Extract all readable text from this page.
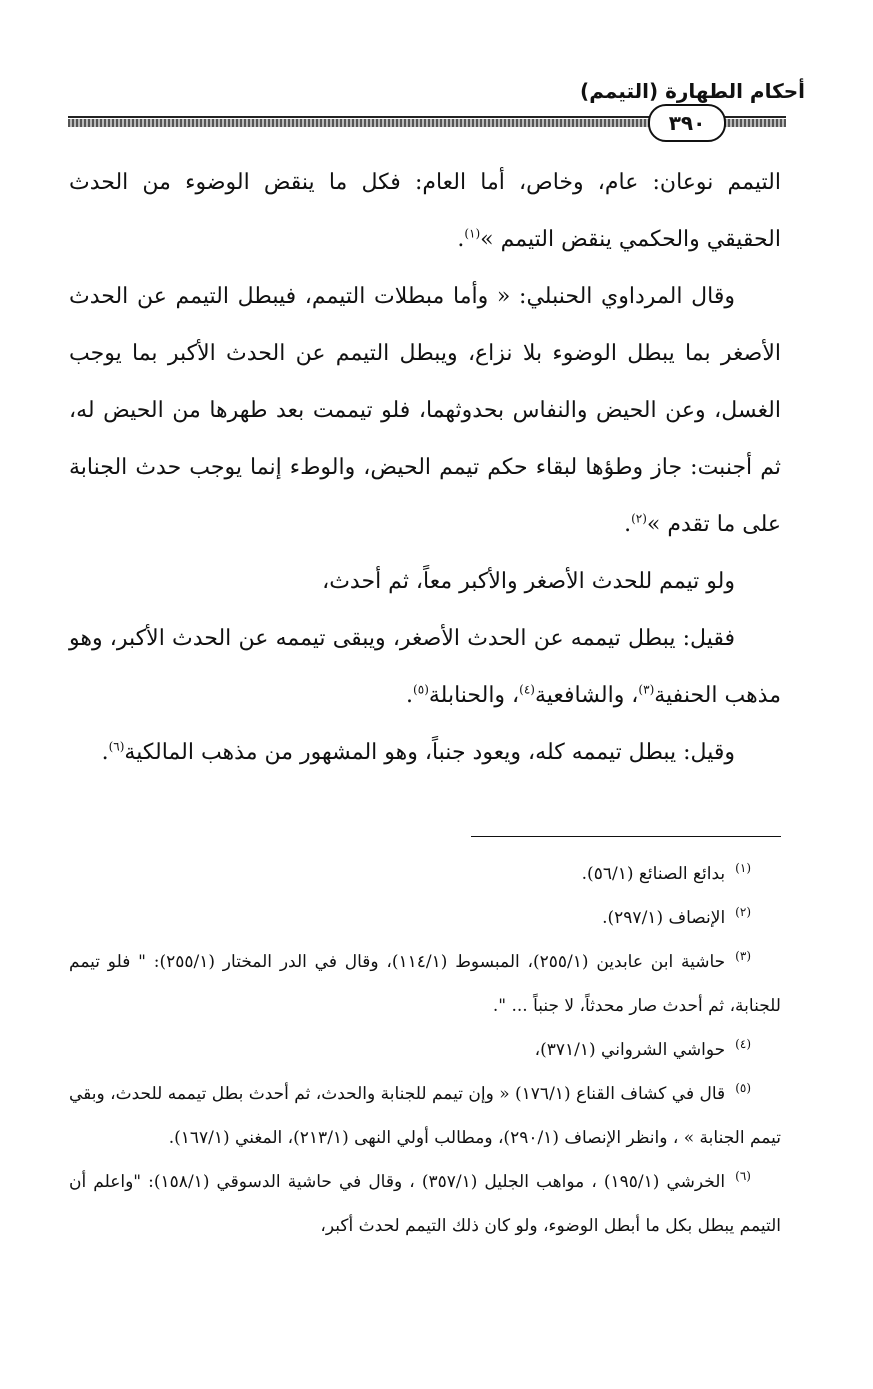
أحكام الطهارة (التيمم)
٣٩٠

التيمم نوعان: عام، وخاص، أما العام: فكل ما ينقض الوضوء من الحدث الحقيقي والحكمي ينقض التيمم »$^{(١)}$.

وقال المرداوي الحنبلي: « وأما مبطلات التيمم، فيبطل التيمم عن الحدث الأصغر بما يبطل الوضوء بلا نزاع، ويبطل التيمم عن الحدث الأكبر بما يوجب الغسل، وعن الحيض والنفاس بحدوثهما، فلو تيممت بعد طهرها من الحيض له، ثم أجنبت: جاز وطؤها لبقاء حكم تيمم الحيض، والوطء إنما يوجب حدث الجنابة على ما تقدم »$^{(٢)}$.

ولو تيمم للحدث الأصغر والأكبر معاً، ثم أحدث،

فقيل: يبطل تيممه عن الحدث الأصغر، ويبقى تيممه عن الحدث الأكبر، وهو مذهب الحنفية$^{(٣)}$، والشافعية$^{(٤)}$، والحنابلة$^{(٥)}$.

وقيل: يبطل تيممه كله، ويعود جنباً، وهو المشهور من مذهب المالكية$^{(٦)}$.

(١)بدائع الصنائع (٥٦/١).

(٢)الإنصاف (٢٩٧/١).

(٣)حاشية ابن عابدين (٢٥٥/١)، المبسوط (١١٤/١)، وقال في الدر المختار (٢٥٥/١): " فلو تيمم للجنابة، ثم أحدث صار محدثاً، لا جنباً ... ".

(٤)حواشي الشرواني (٣٧١/١)،

(٥)قال في كشاف القناع (١٧٦/١) « وإن تيمم للجنابة والحدث، ثم أحدث بطل تيممه للحدث، وبقي تيمم الجنابة » ، وانظر الإنصاف (٢٩٠/١)، ومطالب أولي النهى (٢١٣/١)، المغني (١٦٧/١).

(٦)الخرشي (١٩٥/١) ، مواهب الجليل (٣٥٧/١) ، وقال في حاشية الدسوقي (١٥٨/١): "واعلم أن التيمم يبطل بكل ما أبطل الوضوء، ولو كان ذلك التيمم لحدث أكبر،
